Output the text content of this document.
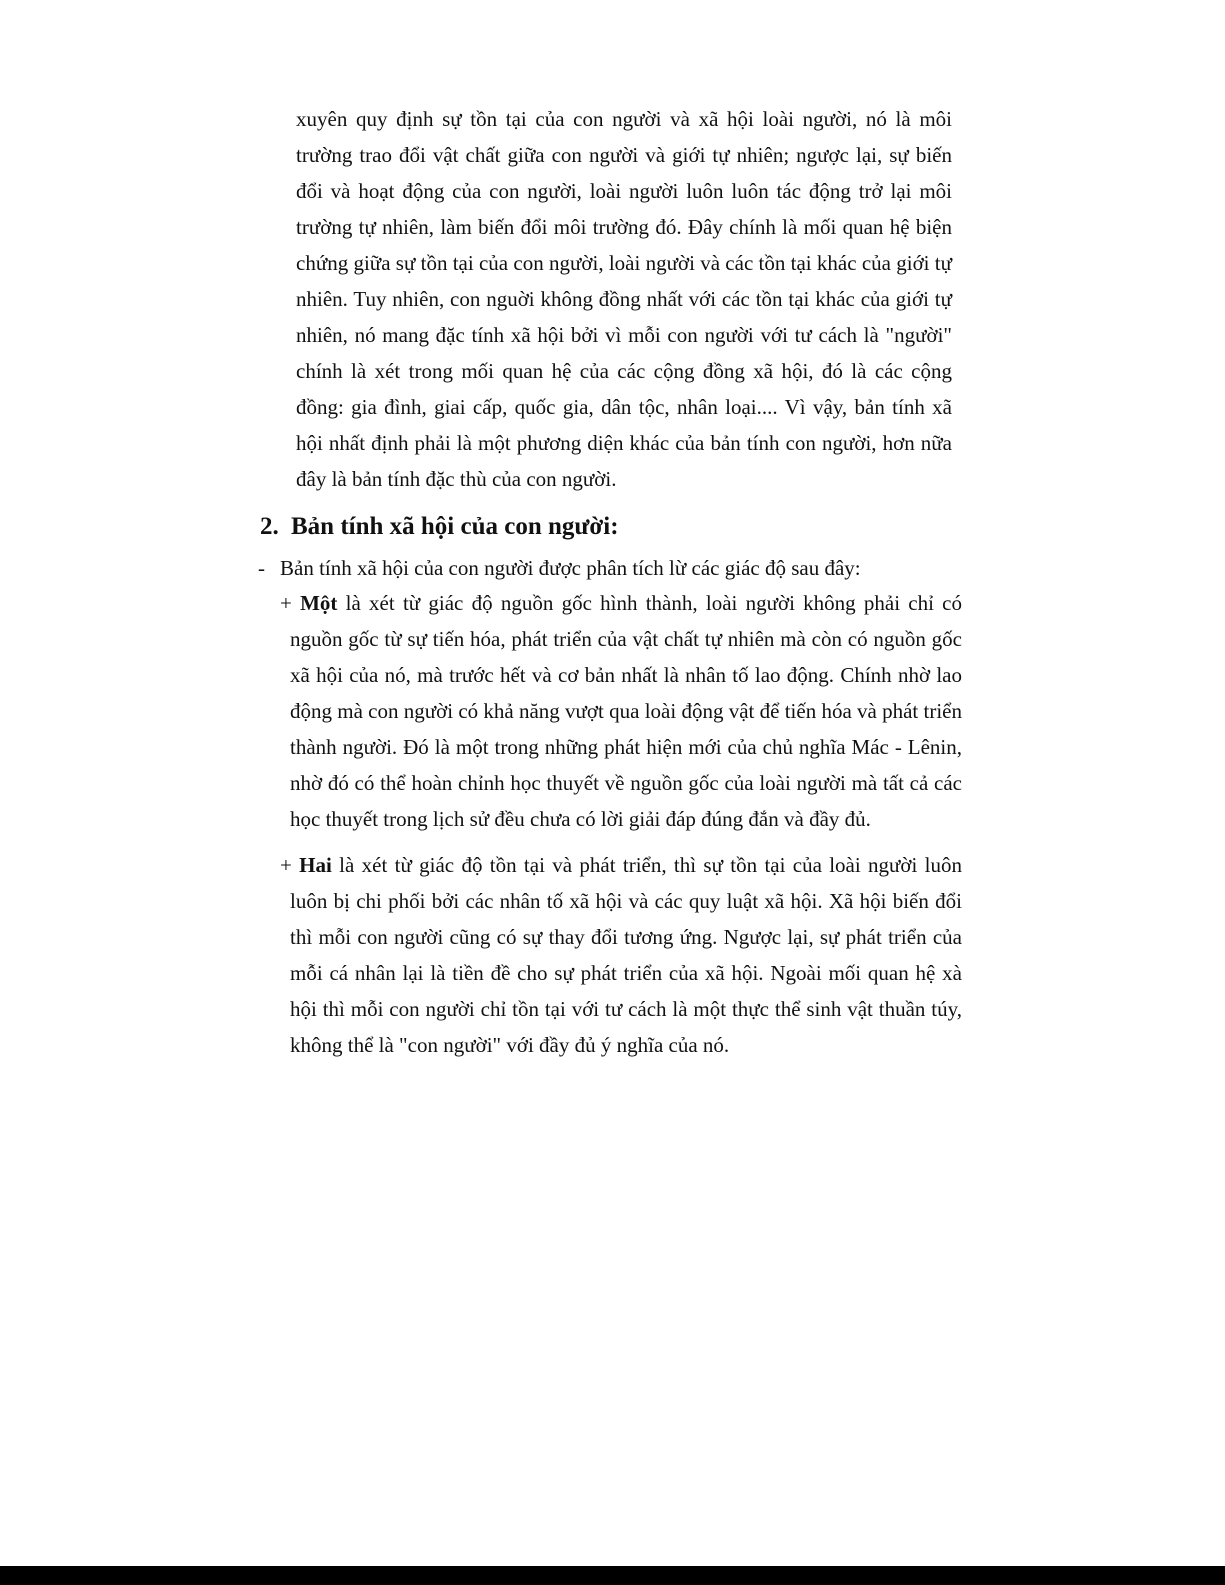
xuyên quy định sự tồn tại của con người và xã hội loài người, nó là môi trường trao đổi vật chất giữa con người và giới tự nhiên; ngược lại, sự biến đổi và hoạt động của con người, loài người luôn luôn tác động trở lại môi trường tự nhiên, làm biến đổi môi trường đó. Đây chính là mối quan hệ biện chứng giữa sự tồn tại của con người, loài người và các tồn tại khác của giới tự nhiên. Tuy nhiên, con nguời không đồng nhất với các tồn tại khác của giới tự nhiên, nó mang đặc tính xã hội bởi vì mỗi con người với tư cách là "người" chính là xét trong mối quan hệ của các cộng đồng xã hội, đó là các cộng đồng: gia đình, giai cấp, quốc gia, dân tộc, nhân loại.... Vì vậy, bản tính xã hội nhất định phải là một phương diện khác của bản tính con người, hơn nữa đây là bản tính đặc thù của con người.

2. Bản tính xã hội của con người:

- Bản tính xã hội của con người được phân tích lừ các giác độ sau đây:

+ Một là xét từ giác độ nguồn gốc hình thành, loài người không phải chỉ có nguồn gốc từ sự tiến hóa, phát triển của vật chất tự nhiên mà còn có nguồn gốc xã hội của nó, mà trước hết và cơ bản nhất là nhân tố lao động. Chính nhờ lao động mà con người có khả năng vượt qua loài động vật để tiến hóa và phát triển thành người. Đó là một trong những phát hiện mới của chủ nghĩa Mác - Lênin, nhờ đó có thể hoàn chỉnh học thuyết về nguồn gốc của loài người mà tất cả các học thuyết trong lịch sử đều chưa có lời giải đáp đúng đắn và đầy đủ.

+ Hai là xét từ giác độ tồn tại và phát triển, thì sự tồn tại của loài người luôn luôn bị chi phối bởi các nhân tố xã hội và các quy luật xã hội. Xã hội biến đổi thì mỗi con người cũng có sự thay đổi tương ứng. Ngược lại, sự phát triển của mỗi cá nhân lại là tiền đề cho sự phát triển của xã hội. Ngoài mối quan hệ xà hội thì mỗi con người chỉ tồn tại với tư cách là một thực thể sinh vật thuần túy, không thể là "con người" với đầy đủ ý nghĩa của nó.
